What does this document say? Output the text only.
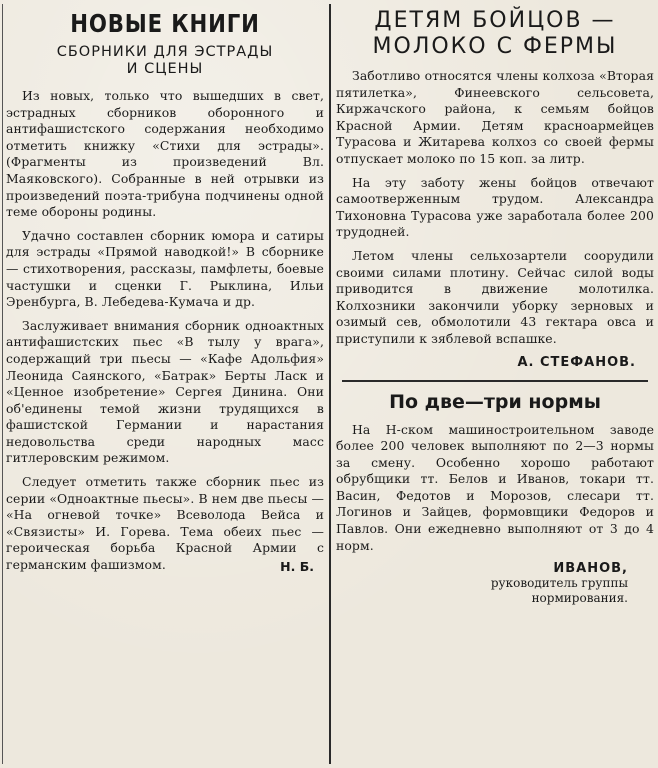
НОВЫЕ КНИГИ
СБОРНИКИ ДЛЯ ЭСТРАДЫ
И СЦЕНЫ

Из новых, только что вышедших в свет, эстрадных сборников оборонного и антифашистского содержания необходимо отметить книжку «Стихи для эстрады». (Фрагменты из произведений Вл. Маяковского). Собранные в ней отрывки из произведений поэта-трибуна подчинены одной теме обороны родины.

Удачно составлен сборник юмора и сатиры для эстрады «Прямой наводкой!» В сборнике — стихотворения, рассказы, памфлеты, боевые частушки и сценки Г. Рыклина, Ильи Эренбурга, В. Лебедева-Кумача и др.

Заслуживает внимания сборник одноактных антифашистских пьес «В тылу у врага», содержащий три пьесы — «Кафе Адольфия» Леонида Саянского, «Батрак» Берты Ласк и «Ценное изобретение» Сергея Динина. Они об'единены темой жизни трудящихся в фашистской Германии и нарастания недовольства среди народных масс гитлеровским режимом.

Следует отметить также сборник пьес из серии «Одноактные пьесы». В нем две пьесы — «На огневой точке» Всеволода Вейса и «Связисты» И. Горева. Тема обеих пьес — героическая борьба Красной Армии с германским фашизмом.	Н. Б.
ДЕТЯМ БОЙЦОВ —
МОЛОКО С ФЕРМЫ

Заботливо относятся члены колхоза «Вторая пятилетка», Финеевского сельсовета, Киржачского района, к семьям бойцов Красной Армии. Детям красноармейцев Турасова и Житарева колхоз со своей фермы отпускает молоко по 15 коп. за литр.

На эту заботу жены бойцов отвечают самоотверженным трудом. Александра Тихоновна Турасова уже заработала более 200 трудодней.

Летом члены сельхозартели соорудили своими силами плотину. Сейчас силой воды приводится в движение молотилка. Колхозники закончили уборку зерновых и озимый сев, обмолотили 43 гектара овса и приступили к зяблевой вспашке.

А. СТЕФАНОВ.
По две—три нормы

На Н-ском машиностроительном заводе более 200 человек выполняют по 2—3 нормы за смену. Особенно хорошо работают обрубщики тт. Белов и Иванов, токари тт. Васин, Федотов и Морозов, слесари тт. Логинов и Зайцев, формовщики Федоров и Павлов. Они ежедневно выполняют от 3 до 4 норм.

ИВАНОВ,
руководитель группы
нормирования.
